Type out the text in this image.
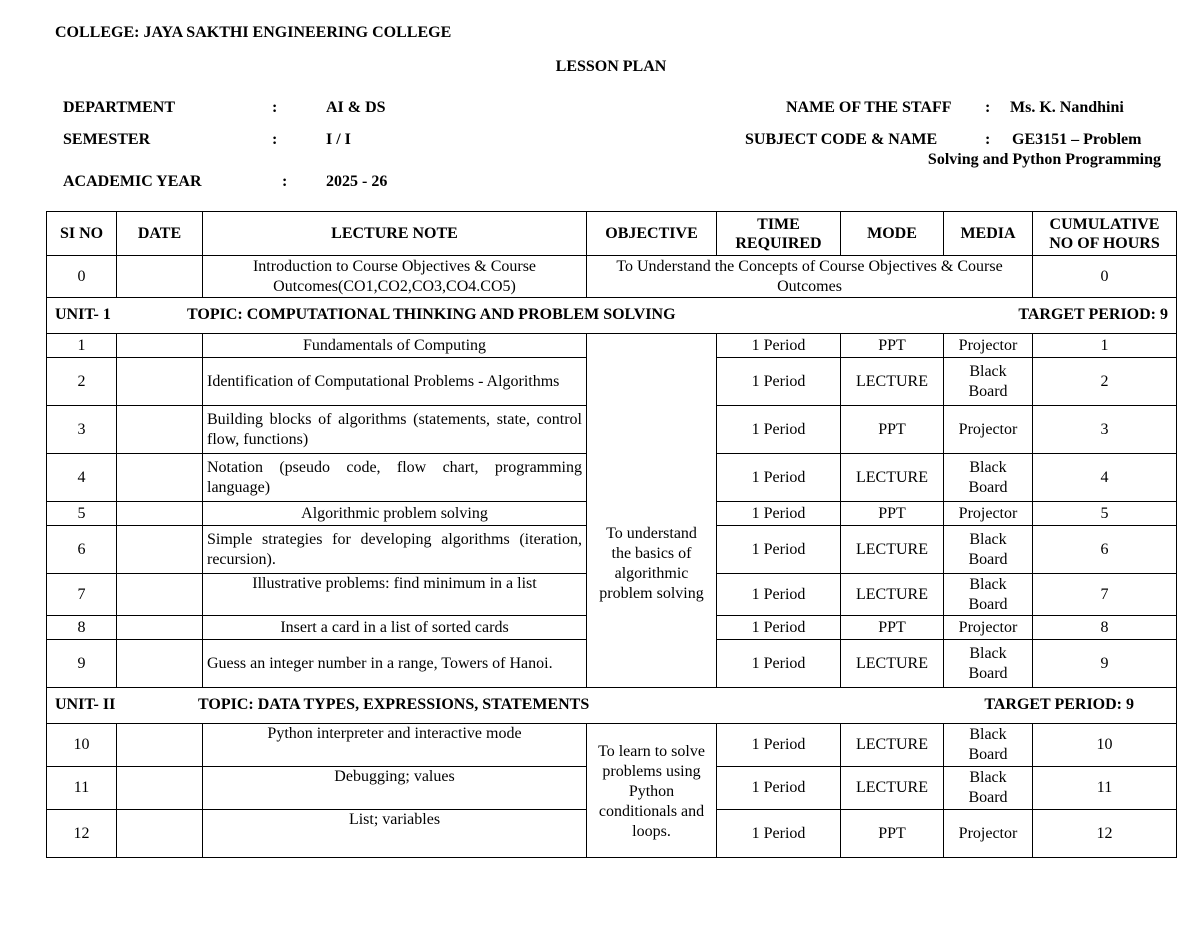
COLLEGE: JAYA SAKTHI ENGINEERING COLLEGE
LESSON PLAN
DEPARTMENT	:	AI & DS
SEMESTER	:	I / I
ACADEMIC YEAR	: 2025 - 26
NAME OF THE STAFF : Ms. K. Nandhini
SUBJECT CODE & NAME	: GE3151 – Problem
Solving and Python Programming
SI NO	DATE	LECTURE NOTE	OBJECTIVE	TIME REQUIRED	MODE	MEDIA	CUMULATIVE NO OF HOURS
0		Introduction to Course Objectives & Course Outcomes(CO1,CO2,CO3,CO4.CO5)	To Understand the Concepts of Course Objectives & Course Outcomes				0

UNIT- 1 TOPIC: COMPUTATIONAL THINKING AND PROBLEM SOLVING TARGET PERIOD: 9							

1		Fundamentals of Computing	To understand the basics of algorithmic problem solving	1 Period	PPT	Projector	1
2		Identification of Computational Problems - Algorithms		1 Period	LECTURE	Black Board	2
3		Building blocks of algorithms (statements, state, control flow, functions)		1 Period	PPT	Projector	3
4		Notation (pseudo code, flow chart, programming language)		1 Period	LECTURE	Black Board	4
5		Algorithmic problem solving		1 Period	PPT	Projector	5
6		Simple strategies for developing algorithms (iteration, recursion).		1 Period	LECTURE	Black Board	6
7		Illustrative problems: find minimum in a list		1 Period	LECTURE	Black Board	7
8		Insert a card in a list of sorted cards		1 Period	PPT	Projector	8
9		Guess an integer number in a range, Towers of Hanoi.		1 Period	LECTURE	Black Board	9

UNIT- II TOPIC: DATA TYPES, EXPRESSIONS, STATEMENTS TARGET PERIOD: 9							

10		Python interpreter and interactive mode	To learn to solve problems using Python conditionals and loops.	1 Period	LECTURE	Black Board	10
11		Debugging; values		1 Period	LECTURE	Black Board	11
12		List; variables		1 Period	PPT	Projector	12
